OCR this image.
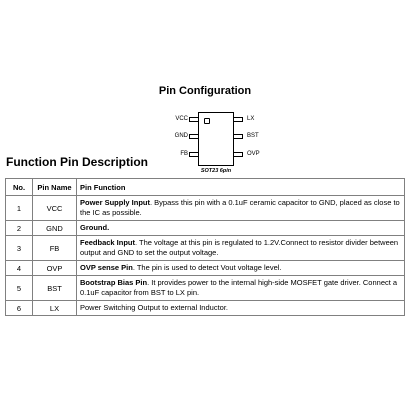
Pin Configuration
VCC
GND
FB
LX
BST
OVP
SOT23 6pin
Function Pin Description
No.	Pin Name	Pin Function
1	VCC	Power Supply Input. Bypass this pin with a 0.1uF ceramic capacitor to GND, placed as close to the IC as possible.
2	GND	Ground.
3	FB	Feedback Input. The voltage at this pin is regulated to 1.2V.Connect to resistor divider between output and GND to set the output voltage.
4	OVP	OVP sense Pin. The pin is used to detect Vout voltage level.
5	BST	Bootstrap Bias Pin. It provides power to the internal high-side MOSFET gate driver. Connect a 0.1uF capacitor from BST to LX pin.
6	LX	Power Switching Output to external Inductor.
